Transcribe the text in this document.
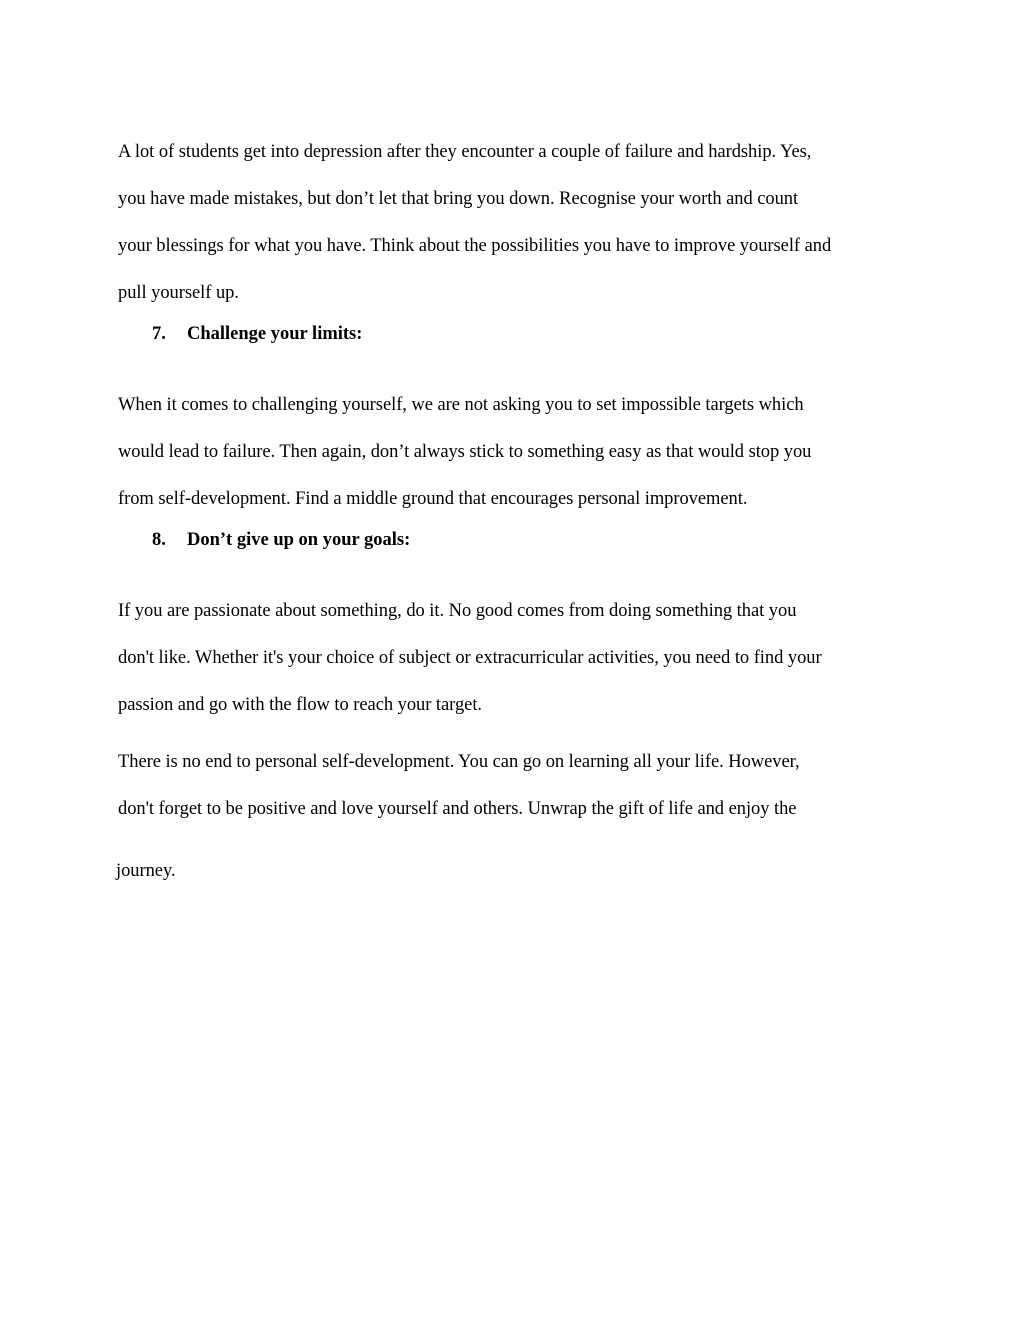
A lot of students get into depression after they encounter a couple of failure and hardship. Yes,
you have made mistakes, but don’t let that bring you down. Recognise your worth and count
your blessings for what you have. Think about the possibilities you have to improve yourself and
pull yourself up.
7. Challenge your limits:
When it comes to challenging yourself, we are not asking you to set impossible targets which
would lead to failure. Then again, don’t always stick to something easy as that would stop you
from self-development. Find a middle ground that encourages personal improvement.
8. Don’t give up on your goals:
If you are passionate about something, do it. No good comes from doing something that you
don't like. Whether it's your choice of subject or extracurricular activities, you need to find your
passion and go with the flow to reach your target.
There is no end to personal self-development. You can go on learning all your life. However,
don't forget to be positive and love yourself and others. Unwrap the gift of life and enjoy the
journey.
